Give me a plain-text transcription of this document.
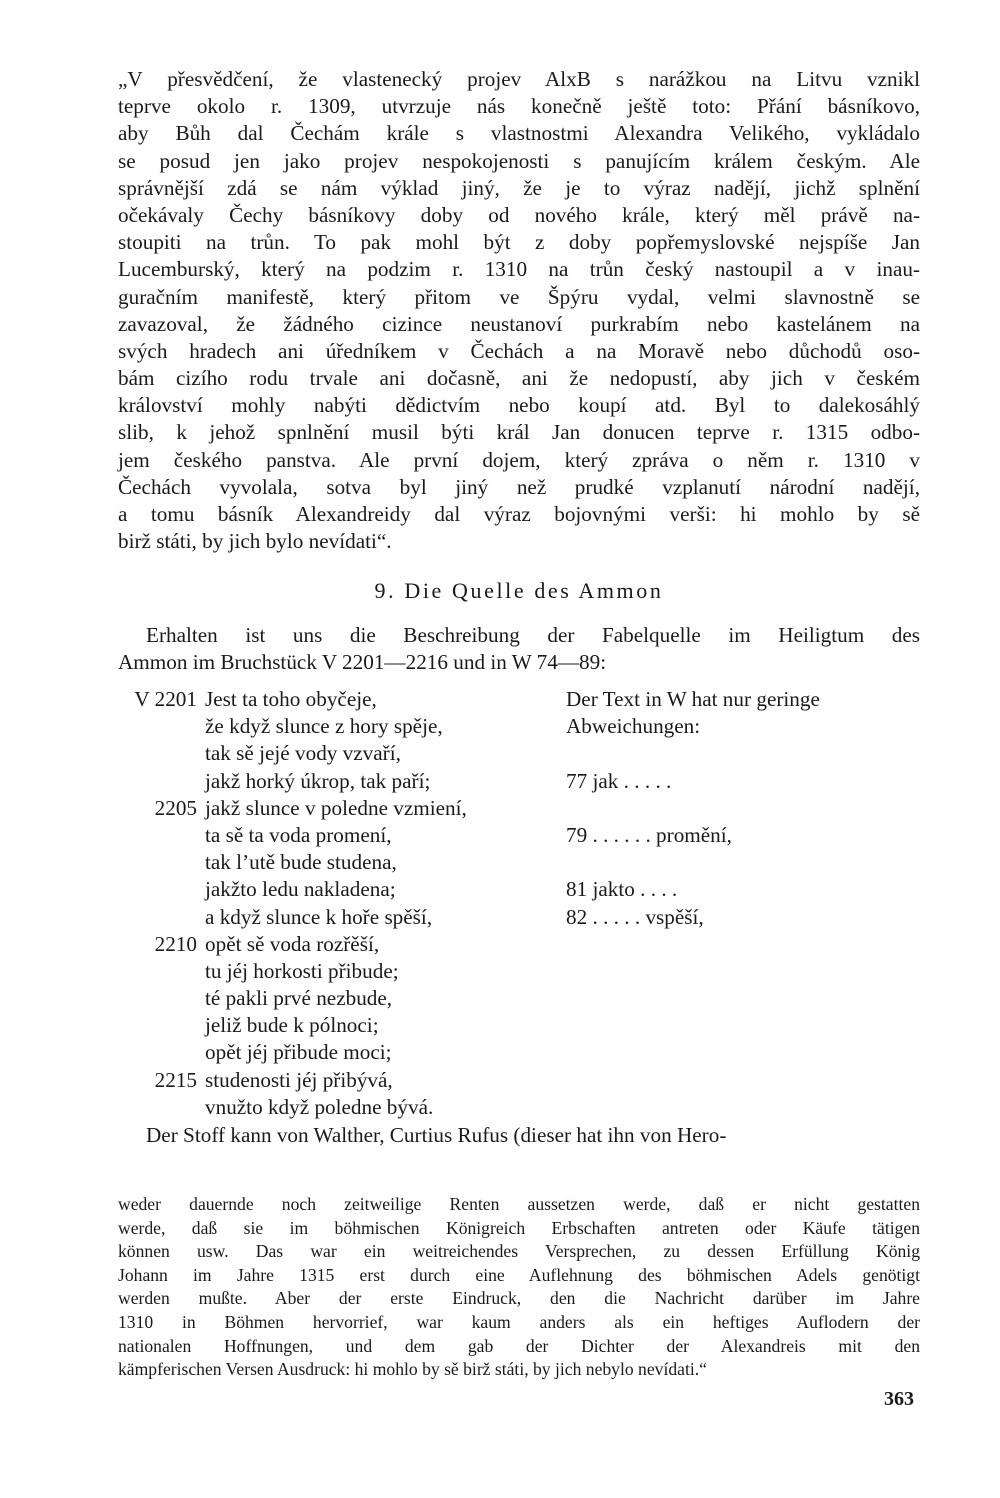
„V přesvědčení, že vlastenecký projev AlxB s narážkou na Litvu vznikl
teprve okolo r. 1309, utvrzuje nás konečně ještě toto: Přání básníkovo,
aby Bůh dal Čechám krále s vlastnostmi Alexandra Velikého, vykládalo
se posud jen jako projev nespokojenosti s panujícím králem českým. Ale
správnější zdá se nám výklad jiný, že je to výraz nadějí, jichž splnění
očekávaly Čechy básníkovy doby od nového krále, který měl právě na-
stoupiti na trůn. To pak mohl být z doby popřemyslovské nejspíše Jan
Lucemburský, který na podzim r. 1310 na trůn český nastoupil a v inau-
guračním manifestě, který přitom ve Špýru vydal, velmi slavnostně se
zavazoval, že žádného cizince neustanoví purkrabím nebo kastelánem na
svých hradech ani úředníkem v Čechách a na Moravě nebo důchodů oso-
bám cizího rodu trvale ani dočasně, ani že nedopustí, aby jich v českém
království mohly nabýti dědictvím nebo koupí atd. Byl to dalekosáhlý
slib, k jehož spnlnění musil býti král Jan donucen teprve r. 1315 odbo-
jem českého panstva. Ale první dojem, který zpráva o něm r. 1310 v
Čechách vyvolala, sotva byl jiný než prudké vzplanutí národní nadějí,
a tomu básník Alexandreidy dal výraz bojovnými verši: hi mohlo by sě
birž státi, by jich bylo nevídati“.
9. Die Quelle des Ammon
Erhalten ist uns die Beschreibung der Fabelquelle im Heiligtum des
Ammon im Bruchstück V 2201—2216 und in W 74—89:
V 2201 Jest ta toho obyčeje,	Der Text in W hat nur geringe
že když slunce z hory spěje,	Abweichungen:
tak sě jejé vody vzvaří,
jakž horký úkrop, tak paří;	77 jak . . . . .
2205 jakž slunce v poledne vzmiení,
ta sě ta voda promení,	79 . . . . . . promění,
tak l’utě bude studena,
jakžto ledu nakladena;	81 jakto . . . .
a když slunce k hoře spěší,	82 . . . . . vspěší,
2210 opět sě voda rozřěší,
tu jéj horkosti přibude;
té pakli prvé nezbude,
jeliž bude k pólnoci;
opět jéj přibude moci;
2215 studenosti jéj přibývá,
vnužto když poledne bývá.
Der Stoff kann von Walther, Curtius Rufus (dieser hat ihn von Hero-
weder dauernde noch zeitweilige Renten aussetzen werde, daß er nicht gestatten
werde, daß sie im böhmischen Königreich Erbschaften antreten oder Käufe tätigen
können usw. Das war ein weitreichendes Versprechen, zu dessen Erfüllung König
Johann im Jahre 1315 erst durch eine Auflehnung des böhmischen Adels genötigt
werden mußte. Aber der erste Eindruck, den die Nachricht darüber im Jahre
1310 in Böhmen hervorrief, war kaum anders als ein heftiges Auflodern der
nationalen Hoffnungen, und dem gab der Dichter der Alexandreis mit den
kämpferischen Versen Ausdruck: hi mohlo by sě birž státi, by jich nebylo nevídati.“
363
